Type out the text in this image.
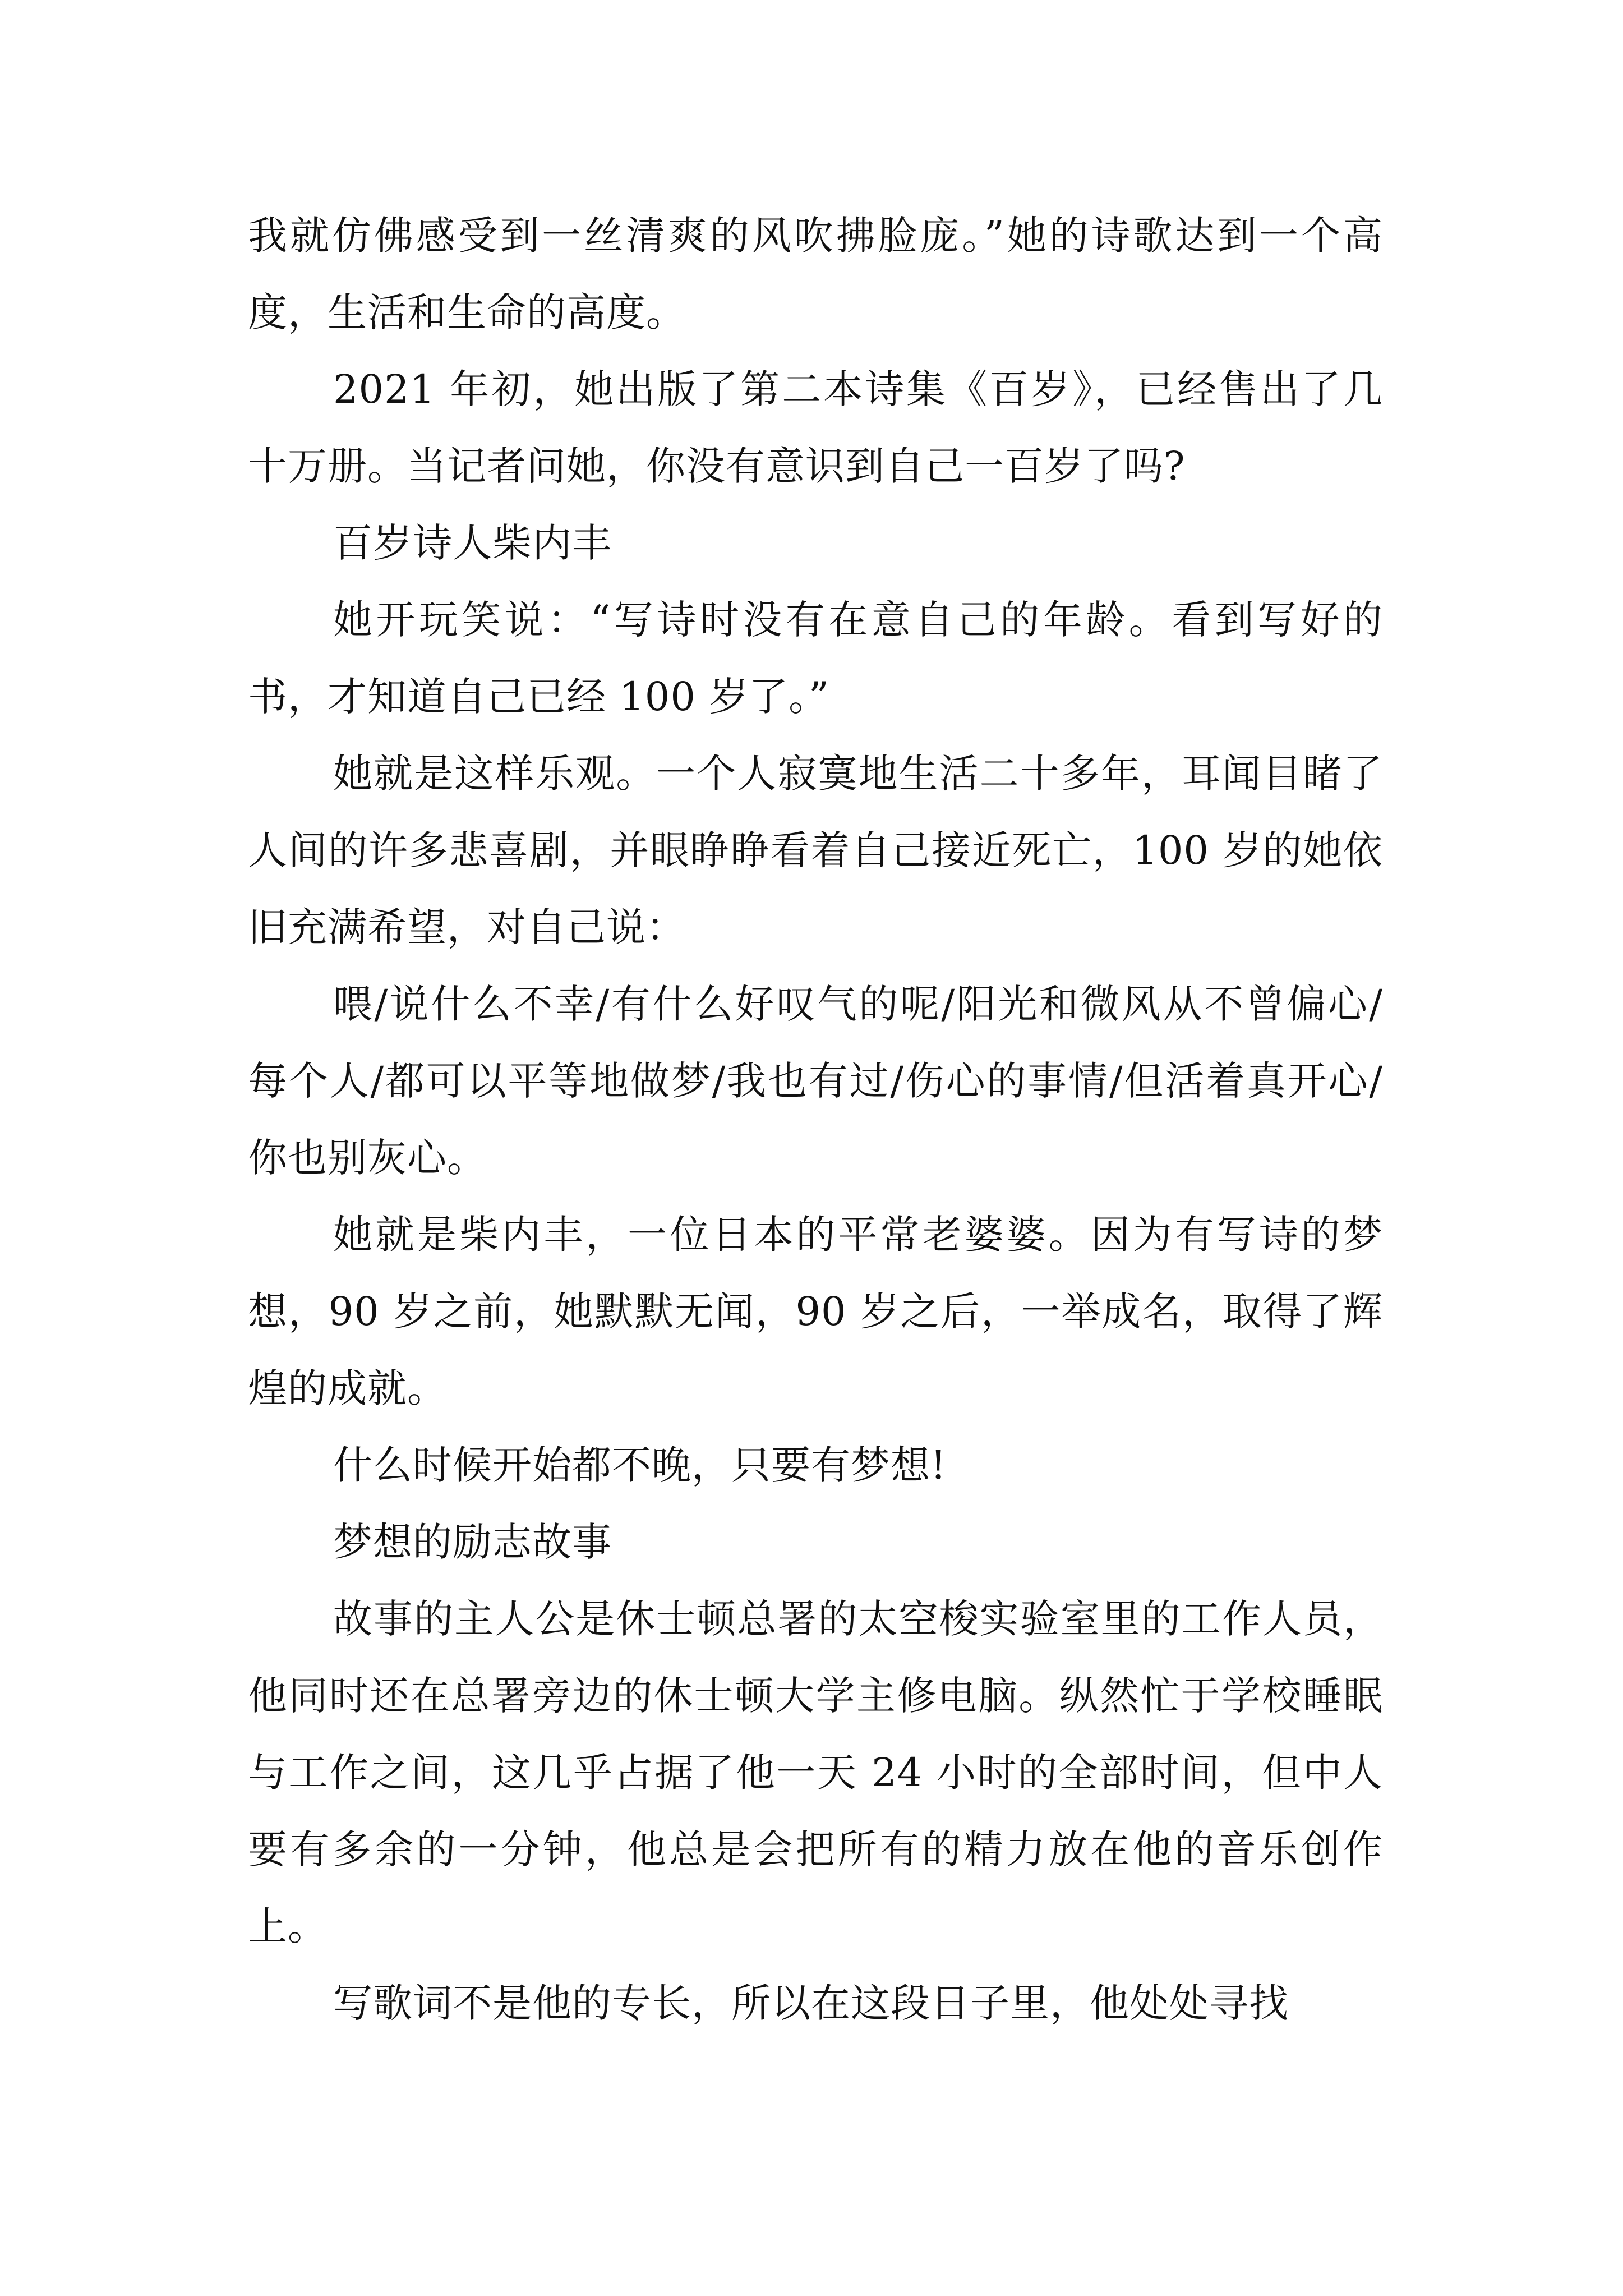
我就仿佛感受到一丝清爽的风吹拂脸庞。”她的诗歌达到一个高度，生活和生命的高度。

2021 年初，她出版了第二本诗集《百岁》，已经售出了几十万册。当记者问她，你没有意识到自己一百岁了吗?

百岁诗人柴内丰

她开玩笑说：“写诗时没有在意自己的年龄。看到写好的书，才知道自己已经 100 岁了。”

她就是这样乐观。一个人寂寞地生活二十多年，耳闻目睹了人间的许多悲喜剧，并眼睁睁看着自己接近死亡，100 岁的她依旧充满希望，对自己说：

喂/说什么不幸/有什么好叹气的呢/阳光和微风从不曾偏心/每个人/都可以平等地做梦/我也有过/伤心的事情/但活着真开心/你也别灰心。

她就是柴内丰，一位日本的平常老婆婆。因为有写诗的梦想，90 岁之前，她默默无闻，90 岁之后，一举成名，取得了辉煌的成就。

什么时候开始都不晚，只要有梦想!

梦想的励志故事

故事的主人公是休士顿总署的太空梭实验室里的工作人员，他同时还在总署旁边的休士顿大学主修电脑。纵然忙于学校睡眠与工作之间，这几乎占据了他一天 24 小时的全部时间，但中人要有多余的一分钟，他总是会把所有的精力放在他的音乐创作上。

写歌词不是他的专长，所以在这段日子里，他处处寻找
